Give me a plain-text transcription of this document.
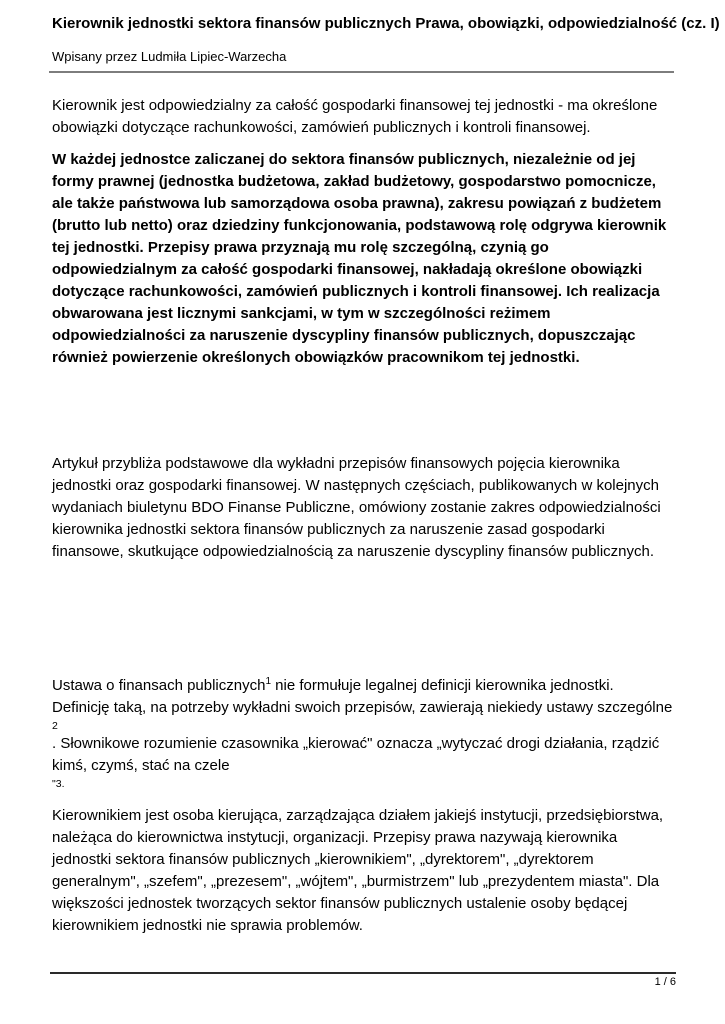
Kierownik jednostki sektora finansów publicznych Prawa, obowiązki, odpowiedzialność (cz. I)
Wpisany przez Ludmiła Lipiec-Warzecha

Kierownik jest odpowiedzialny za całość gospodarki finansowej tej jednostki - ma określone obowiązki dotyczące rachunkowości, zamówień publicznych i kontroli finansowej.

W każdej jednostce zaliczanej do sektora finansów publicznych, niezależnie od jej formy prawnej (jednostka budżetowa, zakład budżetowy, gospodarstwo pomocnicze, ale także państwowa lub samorządowa osoba prawna), zakresu powiązań z budżetem (brutto lub netto) oraz dziedziny funkcjonowania, podstawową rolę odgrywa kierownik tej jednostki. Przepisy prawa przyznają mu rolę szczególną, czynią go odpowiedzialnym za całość gospodarki finansowej, nakładają określone obowiązki dotyczące rachunkowości, zamówień publicznych i kontroli finansowej. Ich realizacja obwarowana jest licznymi sankcjami, w tym w szczególności reżimem odpowiedzialności za naruszenie dyscypliny finansów publicznych, dopuszczając również powierzenie określonych obowiązków pracownikom tej jednostki.

Artykuł przybliża podstawowe dla wykładni przepisów finansowych pojęcia kierownika jednostki oraz gospodarki finansowej. W następnych częściach, publikowanych w kolejnych wydaniach biuletynu BDO Finanse Publiczne, omówiony zostanie zakres odpowiedzialności kierownika jednostki sektora finansów publicznych za naruszenie zasad gospodarki finansowe, skutkujące odpowiedzialnością za naruszenie dyscypliny finansów publicznych.

Ustawa o finansach publicznych$^1$ nie formułuje legalnej definicji kierownika jednostki. Definicję taką, na potrzeby wykładni swoich przepisów, zawierają niekiedy ustawy szczególne

2

. Słownikowe rozumienie czasownika „kierować" oznacza „wytyczać drogi działania, rządzić kimś, czymś, stać na czele

"3.

Kierownikiem jest osoba kierująca, zarządzająca działem jakiejś instytucji, przedsiębiorstwa, należąca do kierownictwa instytucji, organizacji. Przepisy prawa nazywają kierownika jednostki sektora finansów publicznych „kierownikiem", „dyrektorem", „dyrektorem generalnym", „szefem", „prezesem", „wójtem", „burmistrzem" lub „prezydentem miasta". Dla większości jednostek tworzących sektor finansów publicznych ustalenie osoby będącej kierownikiem jednostki nie sprawia problemów.

1 / 6
